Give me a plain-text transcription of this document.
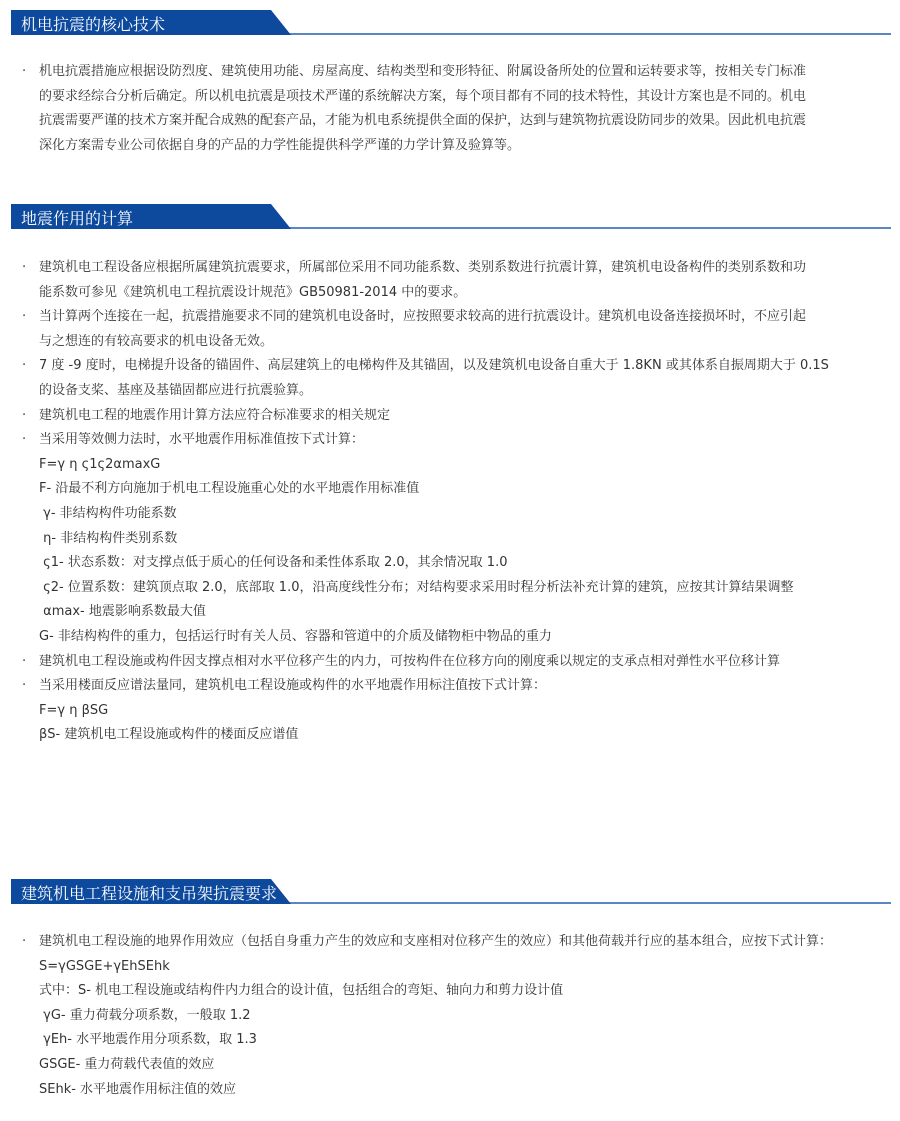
机电抗震的核心技术
· 机电抗震措施应根据设防烈度、建筑使用功能、房屋高度、结构类型和变形特征、附属设备所处的位置和运转要求等，按相关专门标准
的要求经综合分析后确定。所以机电抗震是项技术严谨的系统解决方案，每个项目都有不同的技术特性，其设计方案也是不同的。机电
抗震需要严谨的技术方案并配合成熟的配套产品，才能为机电系统提供全面的保护，达到与建筑物抗震设防同步的效果。因此机电抗震
深化方案需专业公司依据自身的产品的力学性能提供科学严谨的力学计算及验算等。
地震作用的计算
· 建筑机电工程设备应根据所属建筑抗震要求，所属部位采用不同功能系数、类别系数进行抗震计算，建筑机电设备构件的类别系数和功
能系数可参见《建筑机电工程抗震设计规范》GB50981-2014 中的要求。
· 当计算两个连接在一起，抗震措施要求不同的建筑机电设备时，应按照要求较高的进行抗震设计。建筑机电设备连接损坏时，不应引起
与之想连的有较高要求的机电设备无效。
· 7 度 -9 度时，电梯提升设备的锚固件、高层建筑上的电梯构件及其锚固，以及建筑机电设备自重大于 1.8KN 或其体系自振周期大于 0.1S
的设备支桨、基座及基锚固都应进行抗震验算。
· 建筑机电工程的地震作用计算方法应符合标准要求的相关规定
· 当采用等效侧力法时，水平地震作用标准值按下式计算：
F=γ η ς1ς2αmaxG
F- 沿最不利方向施加于机电工程设施重心处的水平地震作用标准值
γ- 非结构构件功能系数
η- 非结构构件类别系数
ς1- 状态系数：对支撑点低于质心的任何设备和柔性体系取 2.0，其余情况取 1.0
ς2- 位置系数：建筑顶点取 2.0，底部取 1.0，沿高度线性分布；对结构要求采用时程分析法补充计算的建筑，应按其计算结果调整
αmax- 地震影响系数最大值
G- 非结构构件的重力，包括运行时有关人员、容器和管道中的介质及储物柜中物品的重力
· 建筑机电工程设施或构件因支撑点相对水平位移产生的内力，可按构件在位移方向的刚度乘以规定的支承点相对弹性水平位移计算
· 当采用楼面反应谱法量同，建筑机电工程设施或构件的水平地震作用标注值按下式计算：
F=γ η βSG
βS- 建筑机电工程设施或构件的楼面反应谱值
建筑机电工程设施和支吊架抗震要求
· 建筑机电工程设施的地界作用效应（包括自身重力产生的效应和支座相对位移产生的效应）和其他荷载并行应的基本组合，应按下式计算：
S=γGSGE+γEhSEhk
式中：S- 机电工程设施或结构件内力组合的设计值，包括组合的弯矩、轴向力和剪力设计值
γG- 重力荷载分项系数，一般取 1.2
γEh- 水平地震作用分项系数，取 1.3
GSGE- 重力荷载代表值的效应
SEhk- 水平地震作用标注值的效应
